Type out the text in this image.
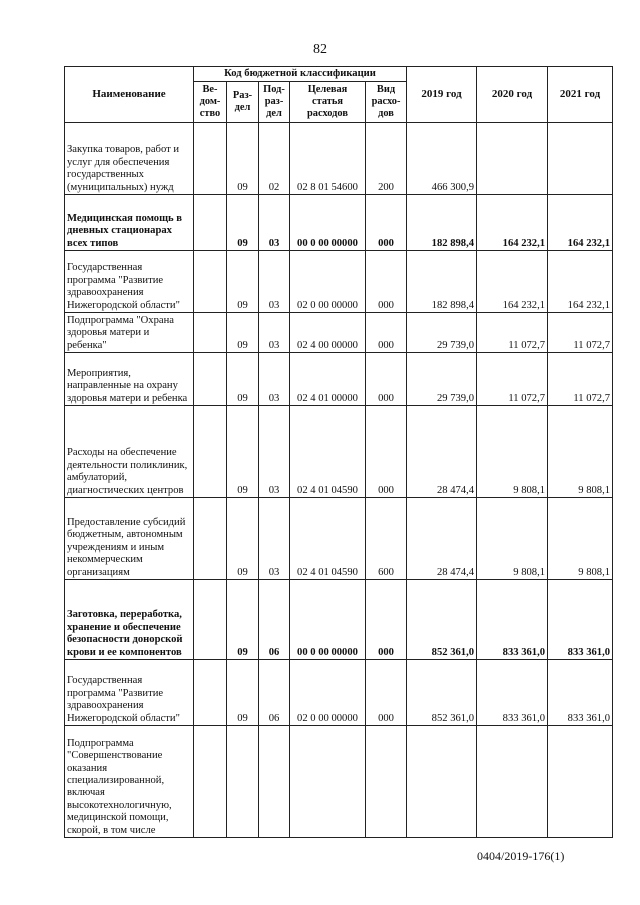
82
Наименование	Код бюджетной классификации					2019 год	2020 год	2021 год
	Ве- дом- ство	Раз- дел	Под- раз- дел	Целевая статья расходов	Вид расхо- дов			
Закупка товаров, работ и услуг для обеспечения государственных (муниципальных) нужд		09	02	02 8 01 54600	200	466 300,9		
Медицинская помощь в дневных стационарах всех типов		09	03	00 0 00 00000	000	182 898,4	164 232,1	164 232,1
Государственная программа "Развитие здравоохранения Нижегородской области"		09	03	02 0 00 00000	000	182 898,4	164 232,1	164 232,1
Подпрограмма "Охрана здоровья матери и ребенка"		09	03	02 4 00 00000	000	29 739,0	11 072,7	11 072,7
Мероприятия, направленные на охрану здоровья матери и ребенка		09	03	02 4 01 00000	000	29 739,0	11 072,7	11 072,7
Расходы на обеспечение деятельности поликлиник, амбулаторий, диагностических центров		09	03	02 4 01 04590	000	28 474,4	9 808,1	9 808,1
Предоставление субсидий бюджетным, автономным учреждениям и иным некоммерческим организациям		09	03	02 4 01 04590	600	28 474,4	9 808,1	9 808,1
Заготовка, переработка, хранение и обеспечение безопасности донорской крови и ее компонентов		09	06	00 0 00 00000	000	852 361,0	833 361,0	833 361,0
Государственная программа "Развитие здравоохранения Нижегородской области"		09	06	02 0 00 00000	000	852 361,0	833 361,0	833 361,0
Подпрограмма "Совершенствование оказания специализированной, включая высокотехнологичную, медицинской помощи, скорой, в том числе								
0404/2019-176(1)
